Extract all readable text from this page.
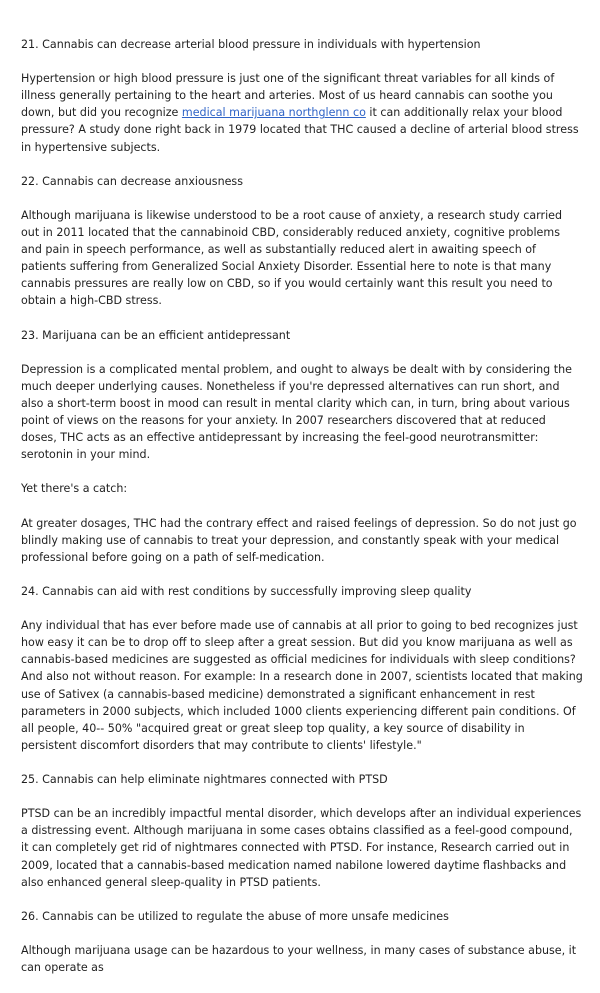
21. Cannabis can decrease arterial blood pressure in individuals with hypertension

Hypertension or high blood pressure is just one of the significant threat variables for all kinds of illness generally pertaining to the heart and arteries. Most of us heard cannabis can soothe you down, but did you recognize medical marijuana northglenn co it can additionally relax your blood pressure? A study done right back in 1979 located that THC caused a decline of arterial blood stress in hypertensive subjects.

22. Cannabis can decrease anxiousness

Although marijuana is likewise understood to be a root cause of anxiety, a research study carried out in 2011 located that the cannabinoid CBD, considerably reduced anxiety, cognitive problems and pain in speech performance, as well as substantially reduced alert in awaiting speech of patients suffering from Generalized Social Anxiety Disorder. Essential here to note is that many cannabis pressures are really low on CBD, so if you would certainly want this result you need to obtain a high-CBD stress.

23. Marijuana can be an efficient antidepressant

Depression is a complicated mental problem, and ought to always be dealt with by considering the much deeper underlying causes. Nonetheless if you're depressed alternatives can run short, and also a short-term boost in mood can result in mental clarity which can, in turn, bring about various point of views on the reasons for your anxiety. In 2007 researchers discovered that at reduced doses, THC acts as an effective antidepressant by increasing the feel-good neurotransmitter: serotonin in your mind.

Yet there's a catch:

At greater dosages, THC had the contrary effect and raised feelings of depression. So do not just go blindly making use of cannabis to treat your depression, and constantly speak with your medical professional before going on a path of self-medication.

24. Cannabis can aid with rest conditions by successfully improving sleep quality

Any individual that has ever before made use of cannabis at all prior to going to bed recognizes just how easy it can be to drop off to sleep after a great session. But did you know marijuana as well as cannabis-based medicines are suggested as official medicines for individuals with sleep conditions? And also not without reason. For example: In a research done in 2007, scientists located that making use of Sativex (a cannabis-based medicine) demonstrated a significant enhancement in rest parameters in 2000 subjects, which included 1000 clients experiencing different pain conditions. Of all people, 40-- 50% "acquired great or great sleep top quality, a key source of disability in persistent discomfort disorders that may contribute to clients' lifestyle."

25. Cannabis can help eliminate nightmares connected with PTSD

PTSD can be an incredibly impactful mental disorder, which develops after an individual experiences a distressing event. Although marijuana in some cases obtains classified as a feel-good compound, it can completely get rid of nightmares connected with PTSD. For instance, Research carried out in 2009, located that a cannabis-based medication named nabilone lowered daytime flashbacks and also enhanced general sleep-quality in PTSD patients.

26. Cannabis can be utilized to regulate the abuse of more unsafe medicines

Although marijuana usage can be hazardous to your wellness, in many cases of substance abuse, it can operate as
